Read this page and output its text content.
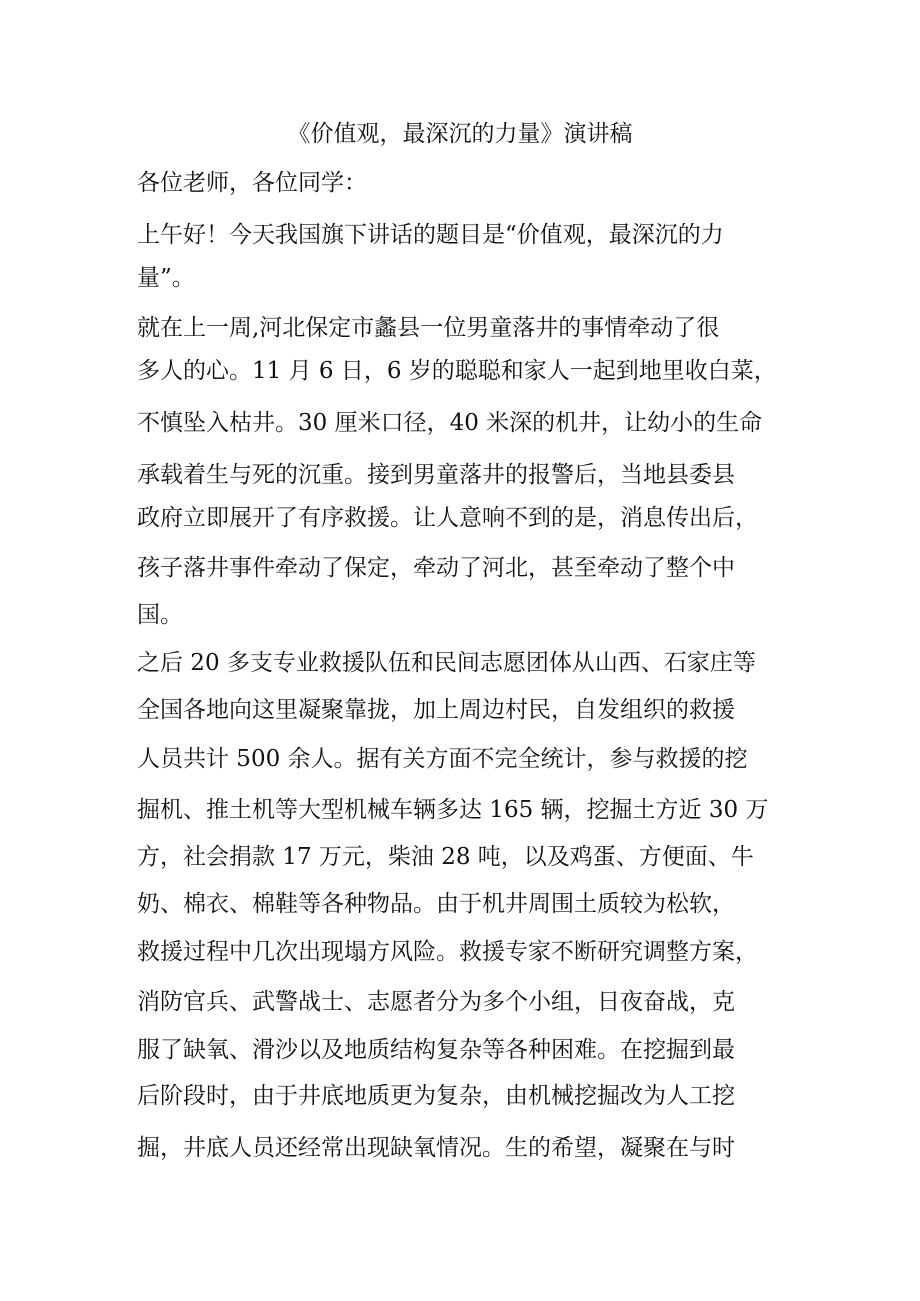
《价值观，最深沉的力量》演讲稿
各位老师，各位同学：
上午好！今天我国旗下讲话的题目是“价值观，最深沉的力
量”。
就在上一周,河北保定市蠡县一位男童落井的事情牵动了很
多人的心。11 月 6 日，6 岁的聪聪和家人一起到地里收白菜，
不慎坠入枯井。30 厘米口径，40 米深的机井，让幼小的生命
承载着生与死的沉重。接到男童落井的报警后，当地县委县
政府立即展开了有序救援。让人意响不到的是，消息传出后，
孩子落井事件牵动了保定，牵动了河北，甚至牵动了整个中
国。
之后 20 多支专业救援队伍和民间志愿团体从山西、石家庄等
全国各地向这里凝聚靠拢，加上周边村民，自发组织的救援
人员共计 500 余人。据有关方面不完全统计，参与救援的挖
掘机、推土机等大型机械车辆多达 165 辆，挖掘土方近 30 万
方，社会捐款 17 万元，柴油 28 吨，以及鸡蛋、方便面、牛
奶、棉衣、棉鞋等各种物品。由于机井周围土质较为松软，
救援过程中几次出现塌方风险。救援专家不断研究调整方案，
消防官兵、武警战士、志愿者分为多个小组，日夜奋战，克
服了缺氧、滑沙以及地质结构复杂等各种困难。在挖掘到最
后阶段时，由于井底地质更为复杂，由机械挖掘改为人工挖
掘，井底人员还经常出现缺氧情况。生的希望，凝聚在与时
